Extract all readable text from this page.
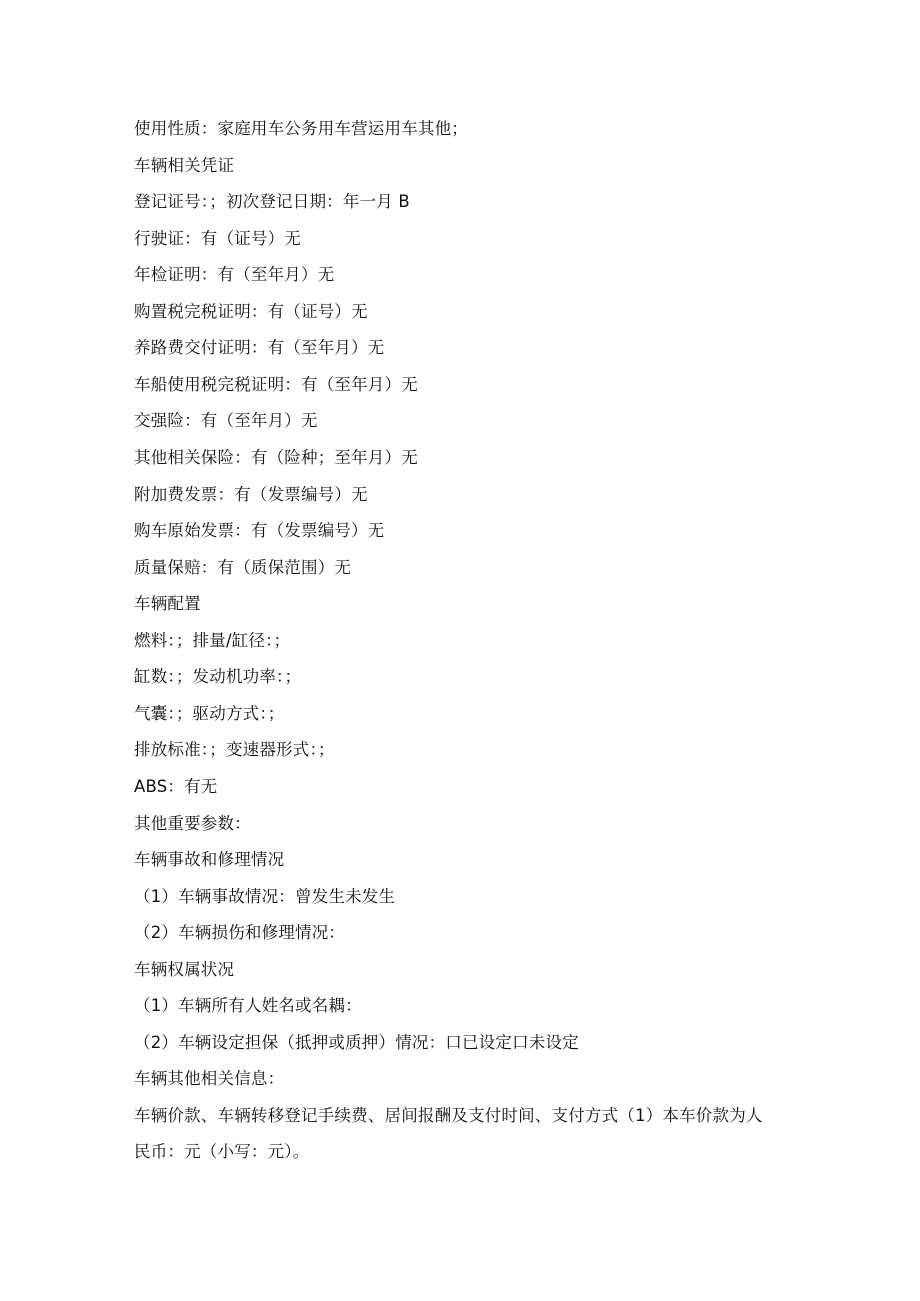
使用性质：家庭用车公务用车营运用车其他；
车辆相关凭证
登记证号：；初次登记日期：年一月 B
行驶证：有（证号）无
年检证明：有（至年月）无
购置税完税证明：有（证号）无
养路费交付证明：有（至年月）无
车船使用税完税证明：有（至年月）无
交强险：有（至年月）无
其他相关保险：有（险种；至年月）无
附加费发票：有（发票编号）无
购车原始发票：有（发票编号）无
质量保赔：有（质保范围）无
车辆配置
燃料：；排量/缸径：；
缸数：；发动机功率：；
气囊：；驱动方式：；
排放标准：；变速器形式：；
ABS：有无
其他重要参数：
车辆事故和修理情况
（1）车辆事故情况：曾发生未发生
（2）车辆损伤和修理情况：
车辆权属状况
（1）车辆所有人姓名或名耦：
（2）车辆设定担保（抵押或质押）情况：口已设定口未设定
车辆其他相关信息：
车辆价款、车辆转移登记手续费、居间报酬及支付时间、支付方式（1）本车价款为人
民币：元（小写：元）。
